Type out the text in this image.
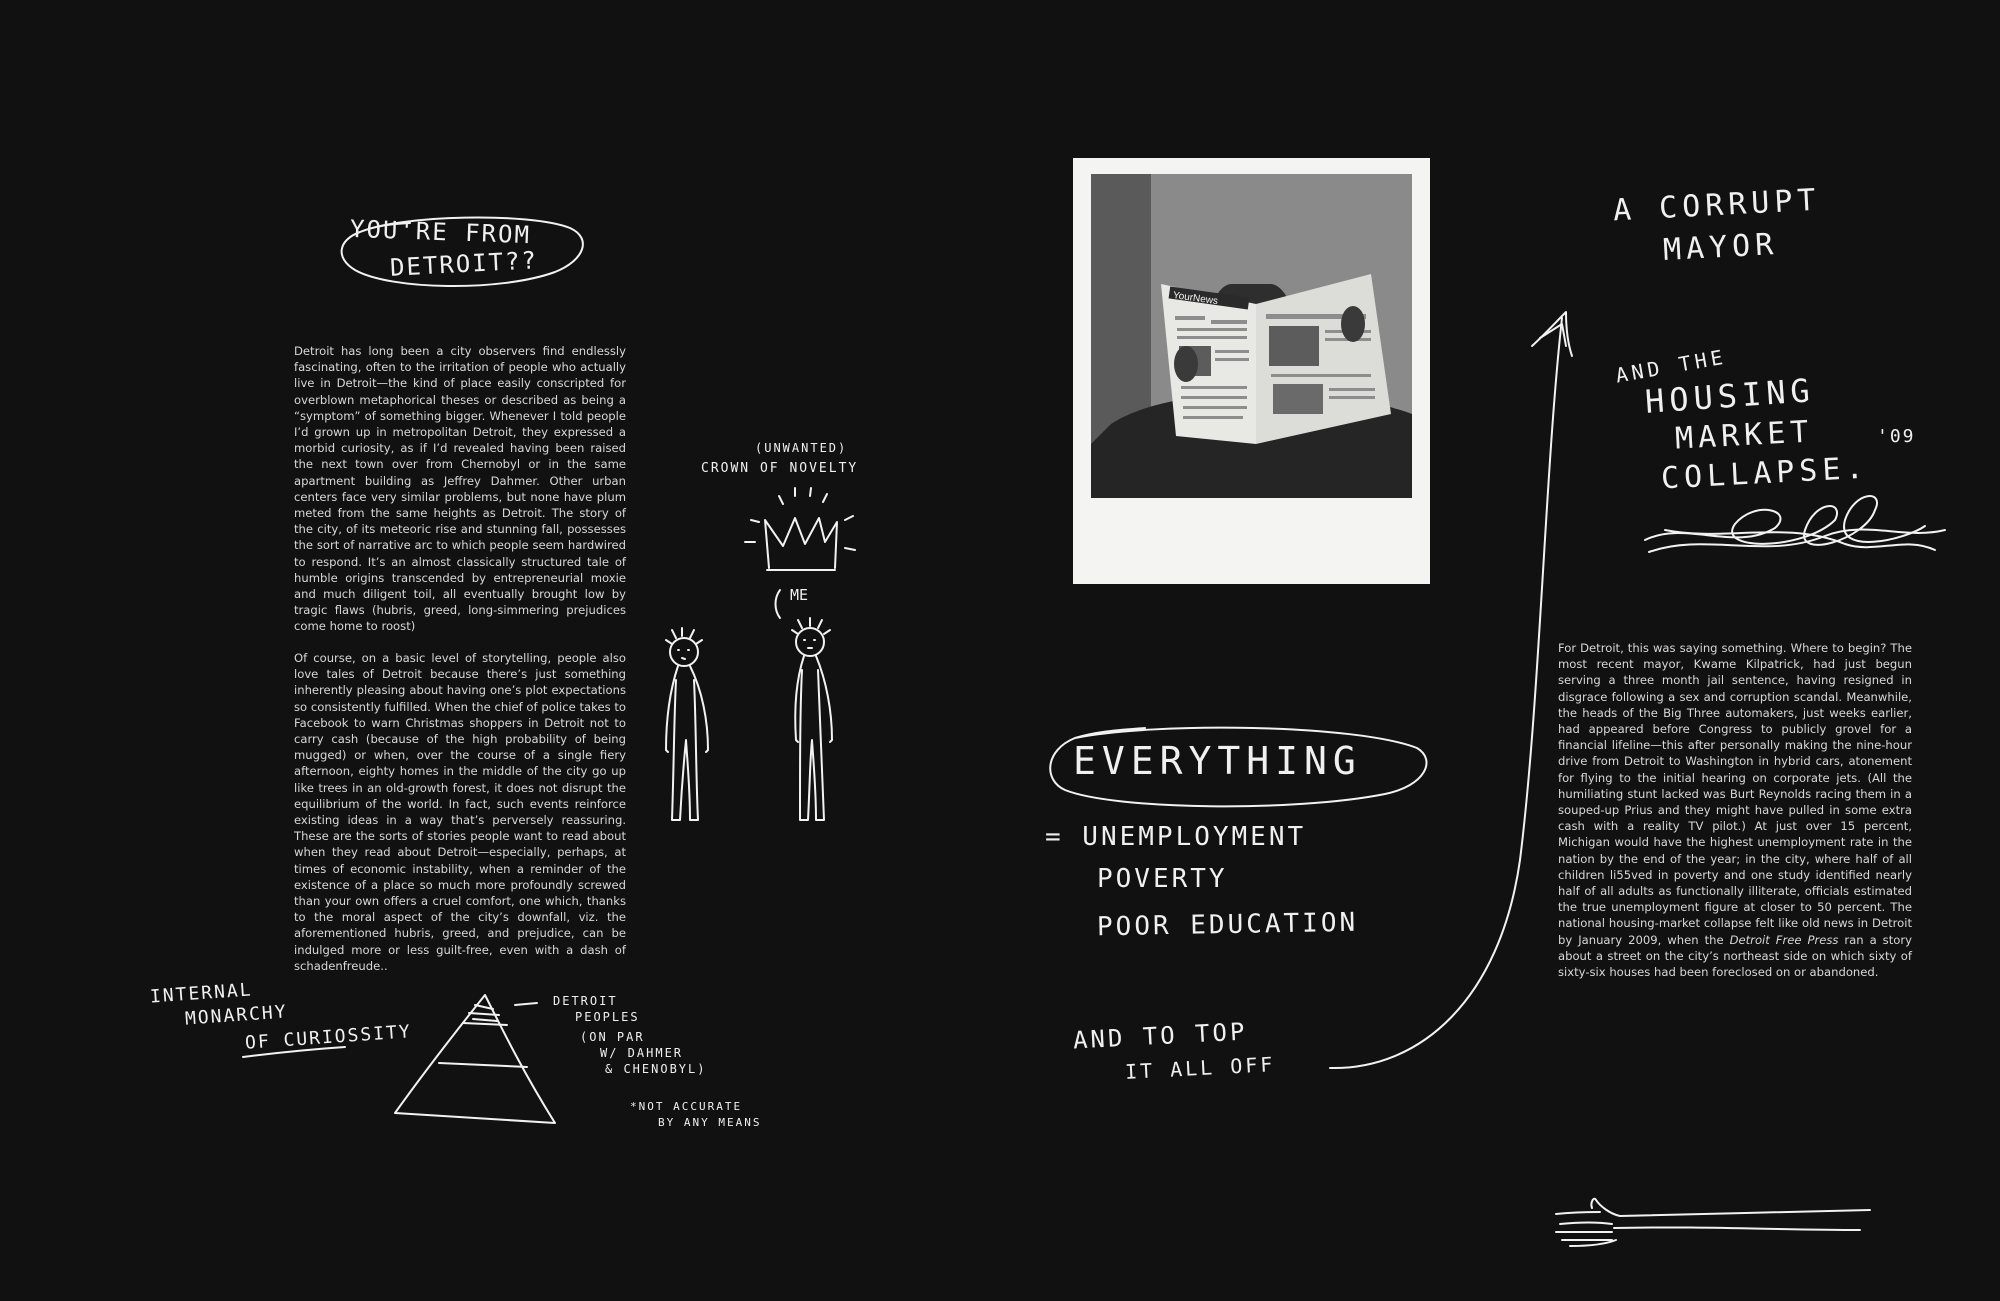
YOU'RE FROM
DETROIT??

Detroit has long been a city observers find endlessly fascinating, often to the irritation of people who actually live in Detroit—the kind of place easily conscripted for overblown metaphorical theses or described as being a “symptom” of something bigger. Whenever I told people I’d grown up in metropolitan Detroit, they expressed a morbid curiosity, as if I’d revealed having been raised the next town over from Chernobyl or in the same apartment building as Jeffrey Dahmer. Other urban centers face very similar problems, but none have plum meted from the same heights as Detroit. The story of the city, of its meteoric rise and stunning fall, possesses the sort of narrative arc to which people seem hardwired to respond. It’s an almost classically structured tale of humble origins transcended by entrepreneurial moxie and much diligent toil, all eventually brought low by tragic flaws (hubris, greed, long-simmering prejudices come home to roost)

Of course, on a basic level of storytelling, people also love tales of Detroit because there’s just something inherently pleasing about having one’s plot expectations so consistently fulfilled. When the chief of police takes to Facebook to warn Christmas shoppers in Detroit not to carry cash (because of the high probability of being mugged) or when, over the course of a single fiery afternoon, eighty homes in the middle of the city go up like trees in an old-growth forest, it does not disrupt the equilibrium of the world. In fact, such events reinforce existing ideas in a way that’s perversely reassuring. These are the sorts of stories people want to read about when they read about Detroit—especially, perhaps, at times of economic instability, when a reminder of the existence of a place so much more profoundly screwed than your own offers a cruel comfort, one which, thanks to the moral aspect of the city’s downfall, viz. the aforementioned hubris, greed, and prejudice, can be indulged more or less guilt-free, even with a dash of schadenfreude..

(UNWANTED)
CROWN OF NOVELTY
ME
INTERNAL
MONARCHY
OF CURIOSSITY
DETROIT
PEOPLES
(ON PAR
W/ DAHMER
& CHENOBYL)
*NOT ACCURATE
BY ANY MEANS
YourNews
EVERYTHING
= UNEMPLOYMENT
POVERTY
POOR EDUCATION
AND TO TOP
IT ALL OFF
A CORRUPT
MAYOR
AND THE
HOUSING
MARKET
COLLAPSE.
'09

For Detroit, this was saying something. Where to begin? The most recent mayor, Kwame Kilpatrick, had just begun serving a three month jail sentence, having resigned in disgrace following a sex and corruption scandal. Meanwhile, the heads of the Big Three automakers, just weeks earlier, had appeared before Congress to publicly grovel for a financial lifeline—this after personally making the nine-hour drive from Detroit to Washington in hybrid cars, atonement for flying to the initial hearing on corporate jets. (All the humiliating stunt lacked was Burt Reynolds racing them in a souped-up Prius and they might have pulled in some extra cash with a reality TV pilot.) At just over 15 percent, Michigan would have the highest unemployment rate in the nation by the end of the year; in the city, where half of all children li55ved in poverty and one study identified nearly half of all adults as functionally illiterate, officials estimated the true unemployment figure at closer to 50 percent. The national housing-market collapse felt like old news in Detroit by January 2009, when the Detroit Free Press ran a story about a street on the city’s northeast side on which sixty of sixty-six houses had been foreclosed on or abandoned.
